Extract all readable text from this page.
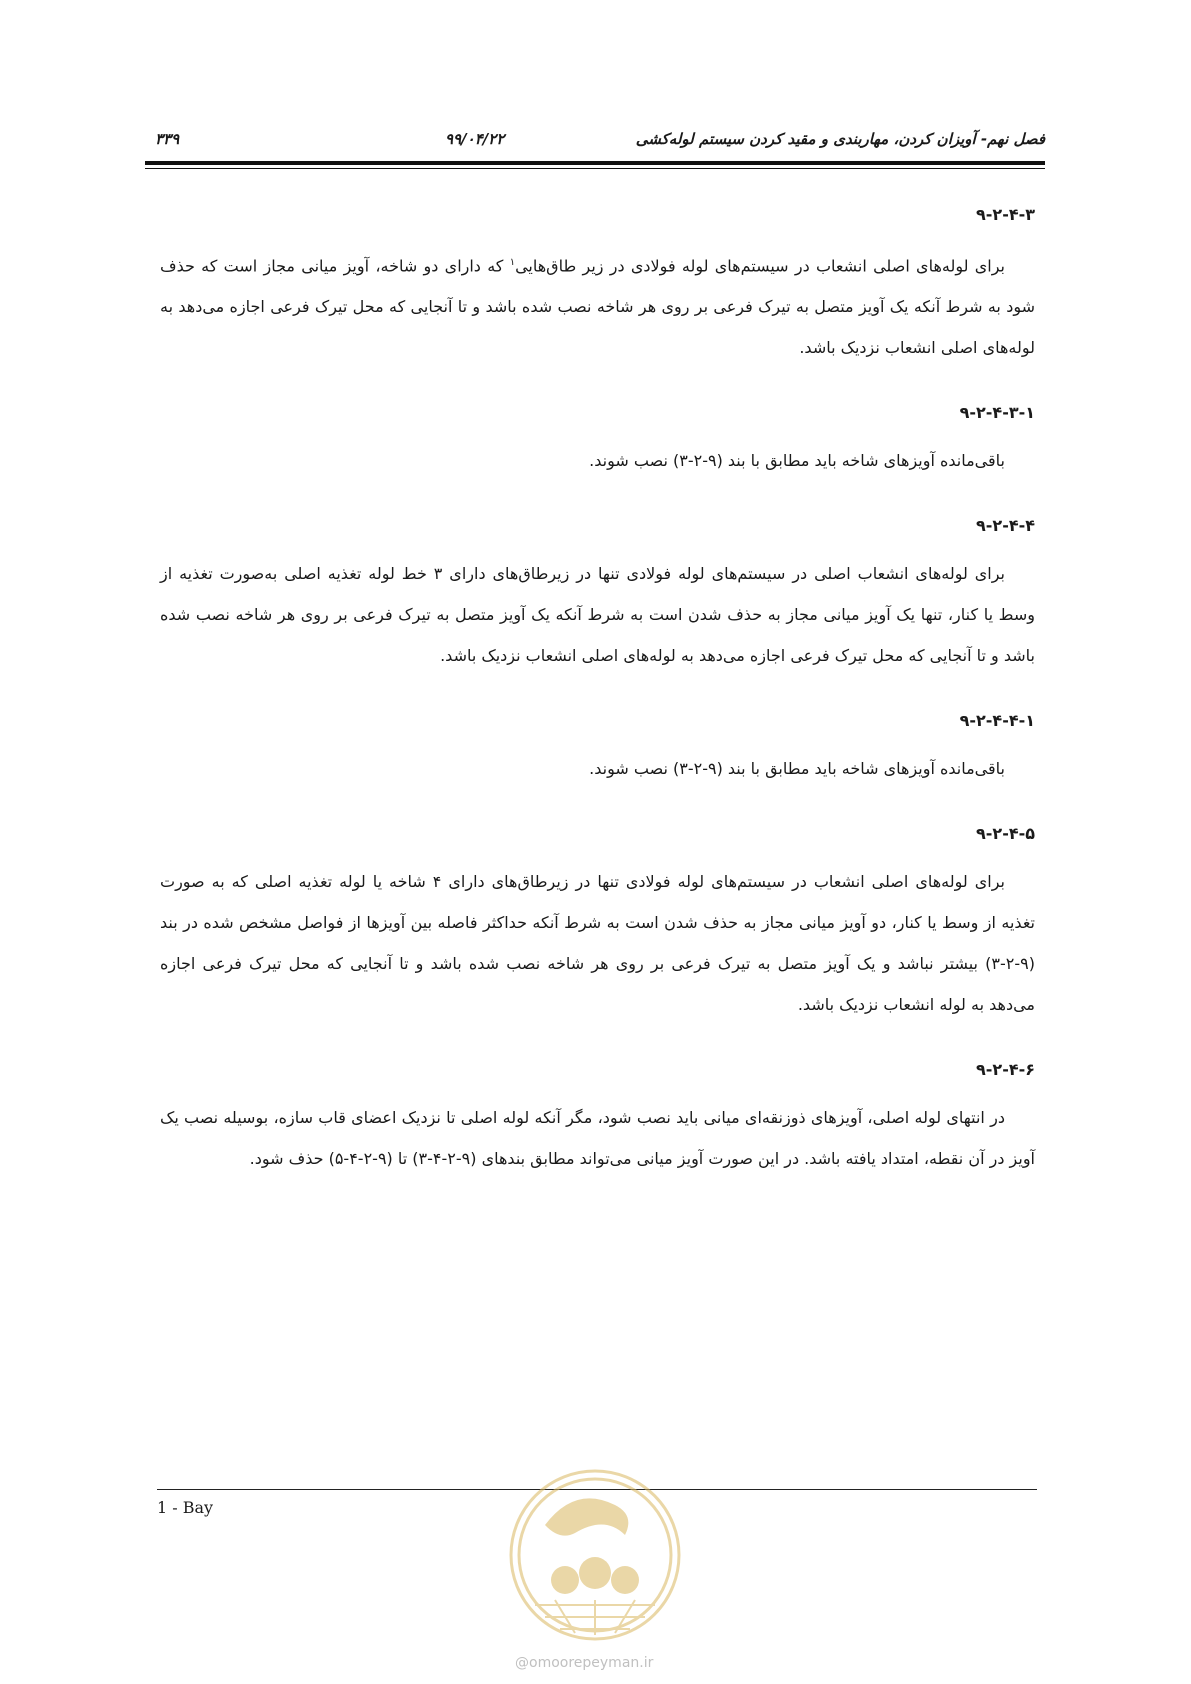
۳۳۹	۹۹/۰۴/۲۲	فصل نهم- آویزان کردن، مهاربندی و مقید کردن سیستم لوله‌کشی
۹-۲-۴-۳

برای لوله‌های اصلی انشعاب در سیستم‌های لوله فولادی در زیر طاق‌هایی$^۱$ که دارای دو شاخه، آویز میانی مجاز است که حذف شود به شرط آنکه یک آویز متصل به تیرک فرعی بر روی هر شاخه نصب شده باشد و تا آنجایی که محل تیرک فرعی اجازه می‌دهد به لوله‌های اصلی انشعاب نزدیک باشد.

۹-۲-۴-۳-۱

باقی‌مانده آویزهای شاخه باید مطابق با بند (۹-۲-۳) نصب شوند.

۹-۲-۴-۴

برای لوله‌های انشعاب اصلی در سیستم‌های لوله فولادی تنها در زیرطاق‌های دارای ۳ خط لوله تغذیه اصلی به‌صورت تغذیه از وسط یا کنار، تنها یک آویز میانی مجاز به حذف شدن است به شرط آنکه یک آویز متصل به تیرک فرعی بر روی هر شاخه نصب شده باشد و تا آنجایی که محل تیرک فرعی اجازه می‌دهد به لوله‌های اصلی انشعاب نزدیک باشد.

۹-۲-۴-۴-۱

باقی‌مانده آویزهای شاخه باید مطابق با بند (۹-۲-۳) نصب شوند.

۹-۲-۴-۵

برای لوله‌های اصلی انشعاب در سیستم‌های لوله فولادی تنها در زیرطاق‌های دارای ۴ شاخه یا لوله تغذیه اصلی که به صورت تغذیه از وسط یا کنار، دو آویز میانی مجاز به حذف شدن است به شرط آنکه حداکثر فاصله بین آویزها از فواصل مشخص شده در بند (۹-۲-۳) بیشتر نباشد و یک آویز متصل به تیرک فرعی بر روی هر شاخه نصب شده باشد و تا آنجایی که محل تیرک فرعی اجازه می‌دهد به لوله انشعاب نزدیک باشد.

۹-۲-۴-۶

در انتهای لوله اصلی، آویزهای ذوزنقه‌ای میانی باید نصب شود، مگر آنکه لوله اصلی تا نزدیک اعضای قاب سازه، بوسیله نصب یک آویز در آن نقطه، امتداد یافته باشد. در این صورت آویز میانی می‌تواند مطابق بندهای (۹-۲-۴-۳) تا (۹-۲-۴-۵) حذف شود.

1 - Bay
@omoorepeyman.ir
